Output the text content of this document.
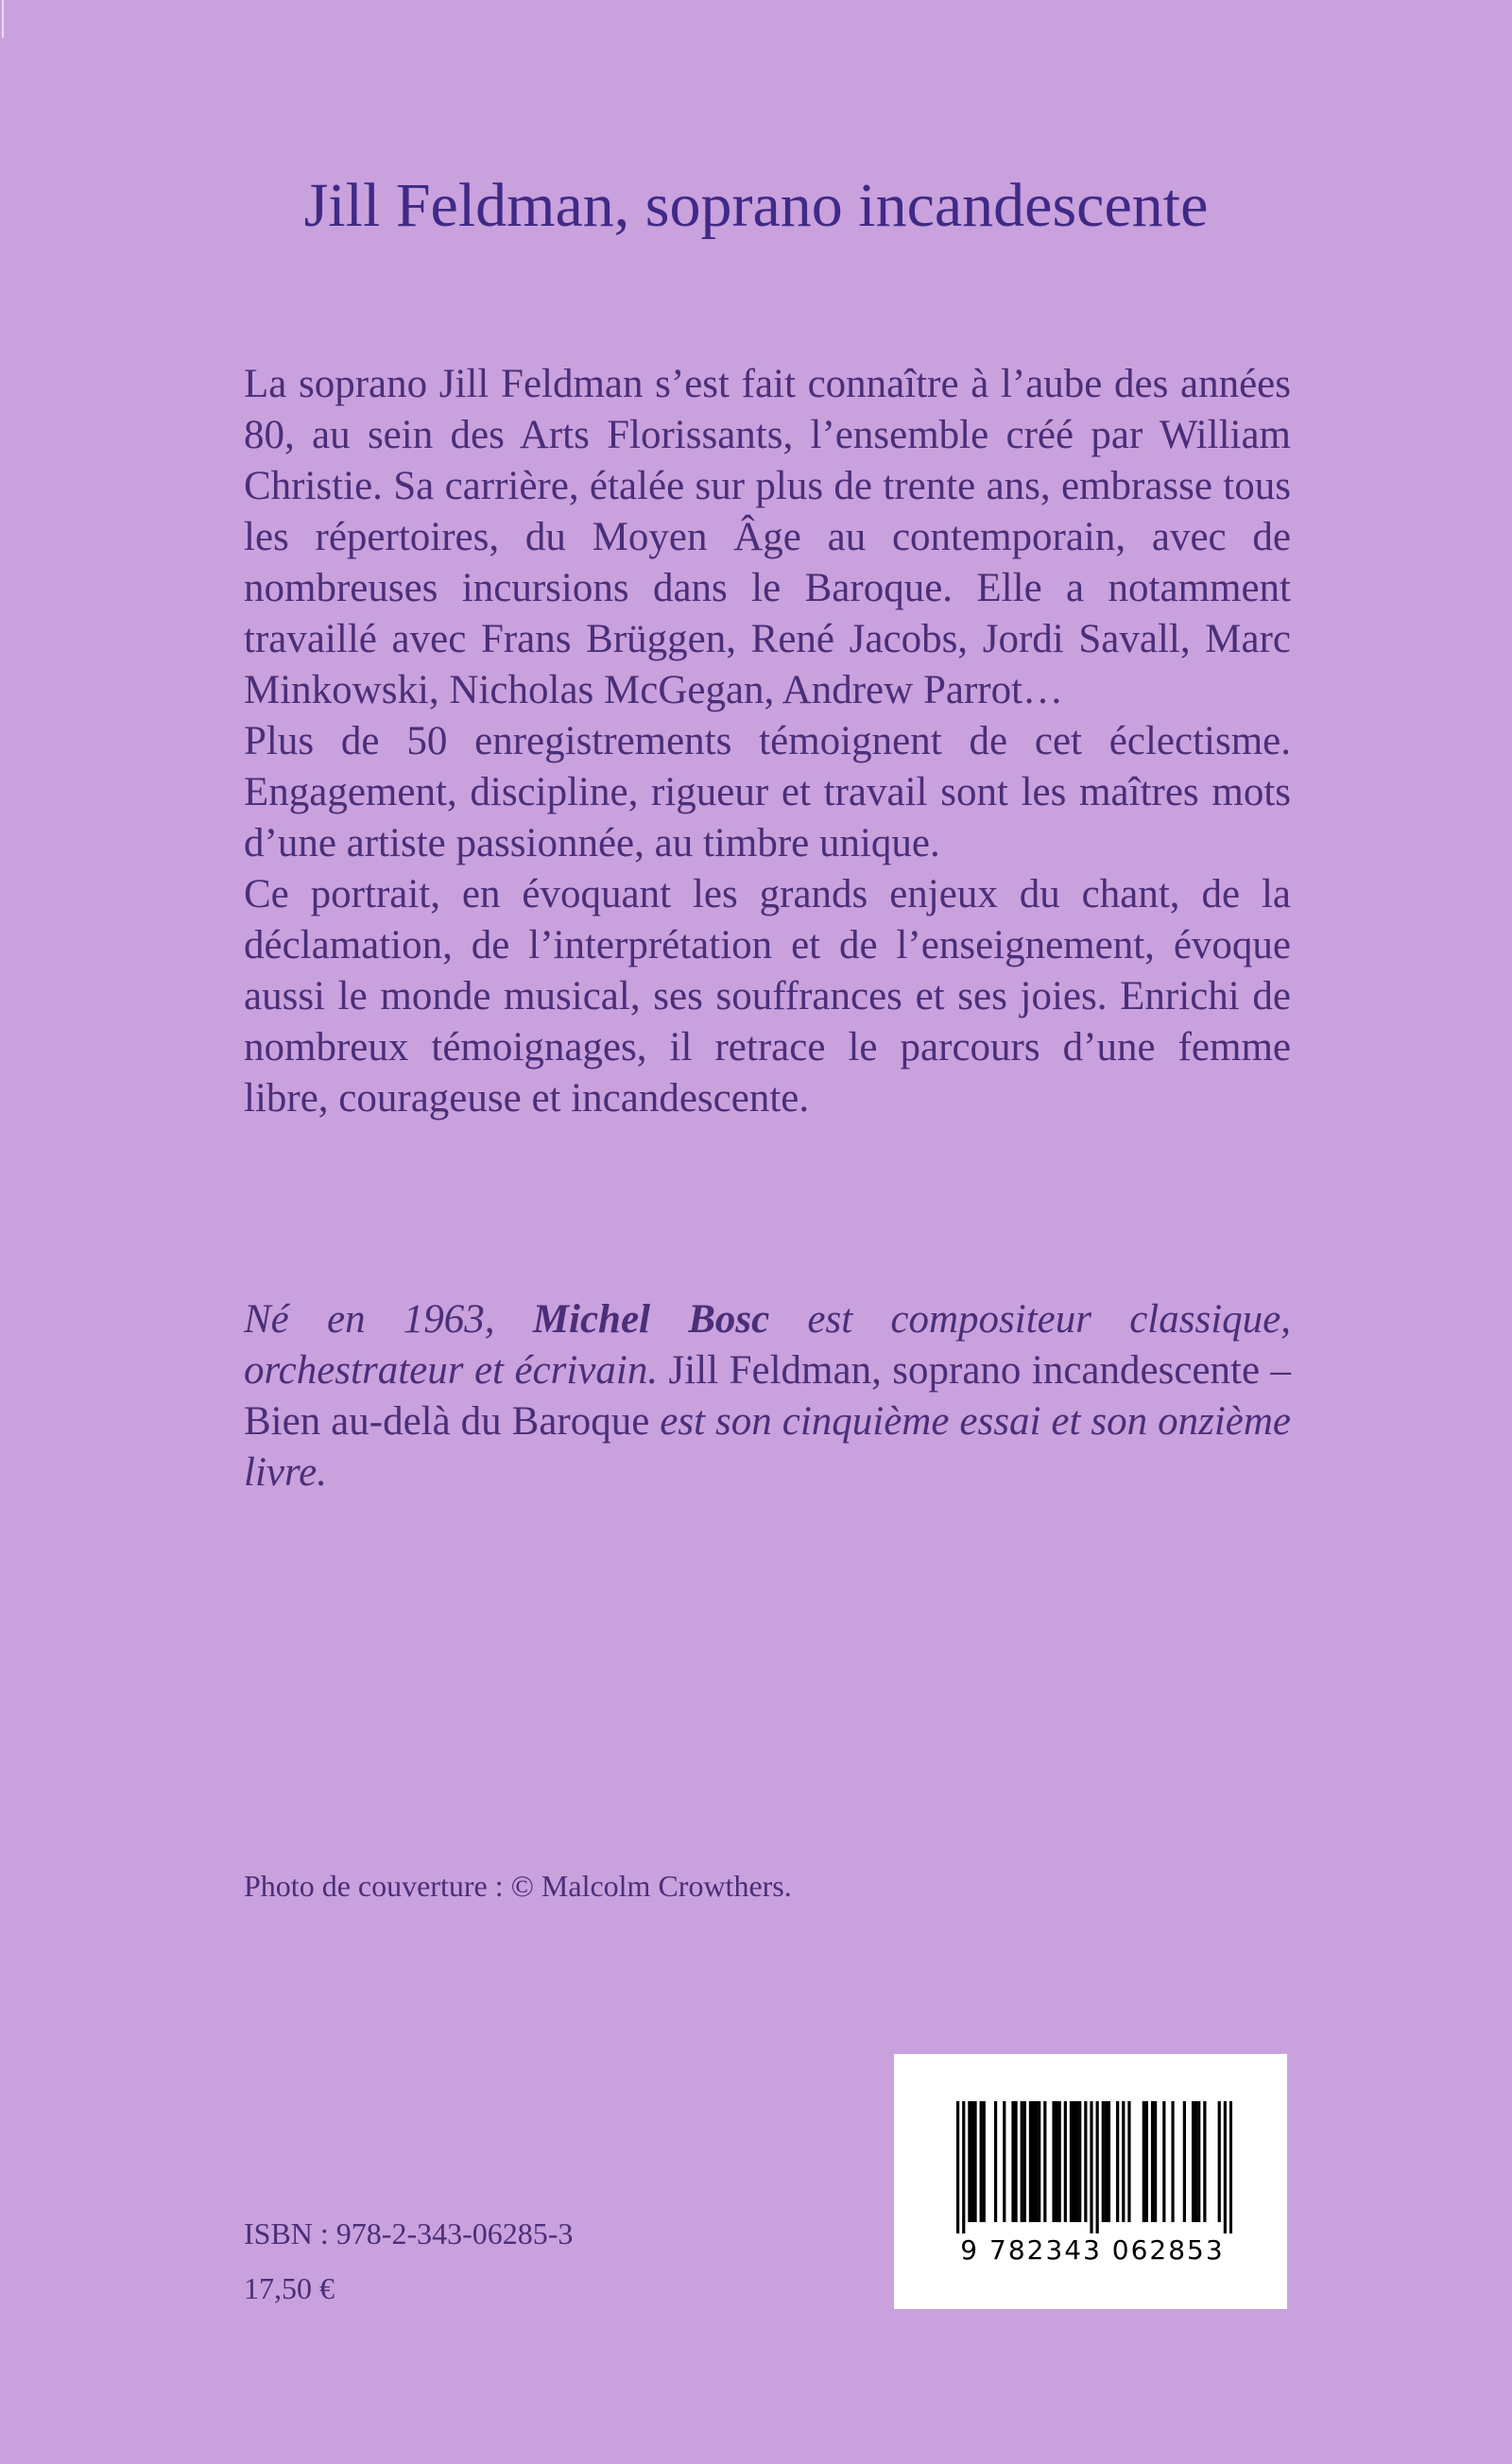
Jill Feldman, soprano incandescente

La soprano Jill Feldman s’est fait connaître à l’aube des années 80, au sein des Arts Florissants, l’ensemble créé par William Christie. Sa carrière, étalée sur plus de trente ans, embrasse tous les répertoires, du Moyen Âge au contemporain, avec de nombreuses incursions dans le Baroque. Elle a notamment travaillé avec Frans Brüggen, René Jacobs, Jordi Savall, Marc Minkowski, Nicholas McGegan, Andrew Parrot…

Plus de 50 enregistrements témoignent de cet éclectisme. Engagement, discipline, rigueur et travail sont les maîtres mots d’une artiste passionnée, au timbre unique.

Ce portrait, en évoquant les grands enjeux du chant, de la déclamation, de l’interprétation et de l’enseignement, évoque aussi le monde musical, ses souffrances et ses joies. Enrichi de nombreux témoignages, il retrace le parcours d’une femme libre, courageuse et incandescente.

Né en 1963, Michel Bosc est compositeur classique, orchestrateur et écrivain. Jill Feldman, soprano incandescente – Bien au-delà du Baroque est son cinquième essai et son onzième livre.

Photo de couverture : © Malcolm Crowthers.
ISBN : 978-2-343-06285-3
17,50 €
9 782343 062853
